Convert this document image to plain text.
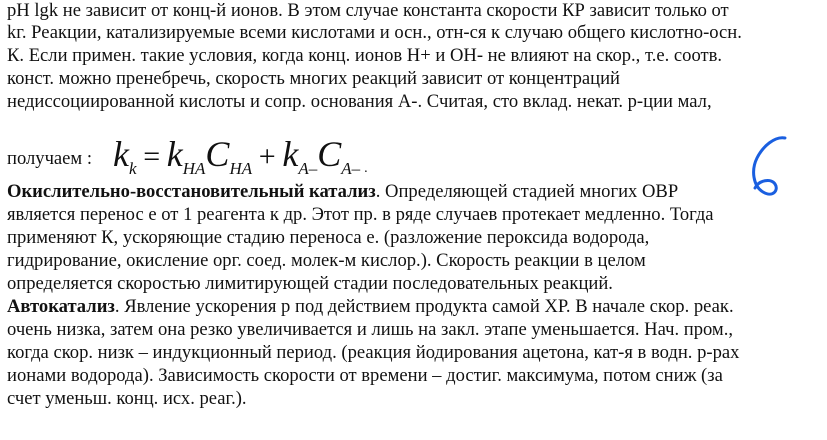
pH lgk не зависит от конц-й ионов. В этом случае константа скорости КР зависит только от
kг. Реакции, катализируемые всеми кислотами и осн., отн-ся к случаю общего кислотно-осн.
К. Если примен. такие условия, когда конц. ионов Н+ и ОН- не влияют на скор., т.е. соотв.
конст. можно пренебречь, скорость многих реакций зависит от концентраций
недиссоциированной кислоты и сопр. основания А-. Считая, сто вклад. некат. р-ции мал,
получаем : kk = kHACHA + kA–CA– $_.$
Окислительно-восстановительный катализ. Определяющей стадией многих ОВР
является перенос е от 1 реагента к др. Этот пр. в ряде случаев протекает медленно. Тогда
применяют К, ускоряющие стадию переноса е. (разложение пероксида водорода,
гидрирование, окисление орг. соед. молек-м кислор.). Скорость реакции в целом
определяется скоростью лимитирующей стадии последовательных реакций.
Автокатализ. Явление ускорения р под действием продукта самой ХР. В начале скор. реак.
очень низка, затем она резко увеличивается и лишь на закл. этапе уменьшается. Нач. пром.,
когда скор. низк – индукционный период. (реакция йодирования ацетона, кат-я в водн. р-рах
ионами водорода). Зависимость скорости от времени – достиг. максимума, потом сниж (за
счет уменьш. конц. исх. реаг.).
